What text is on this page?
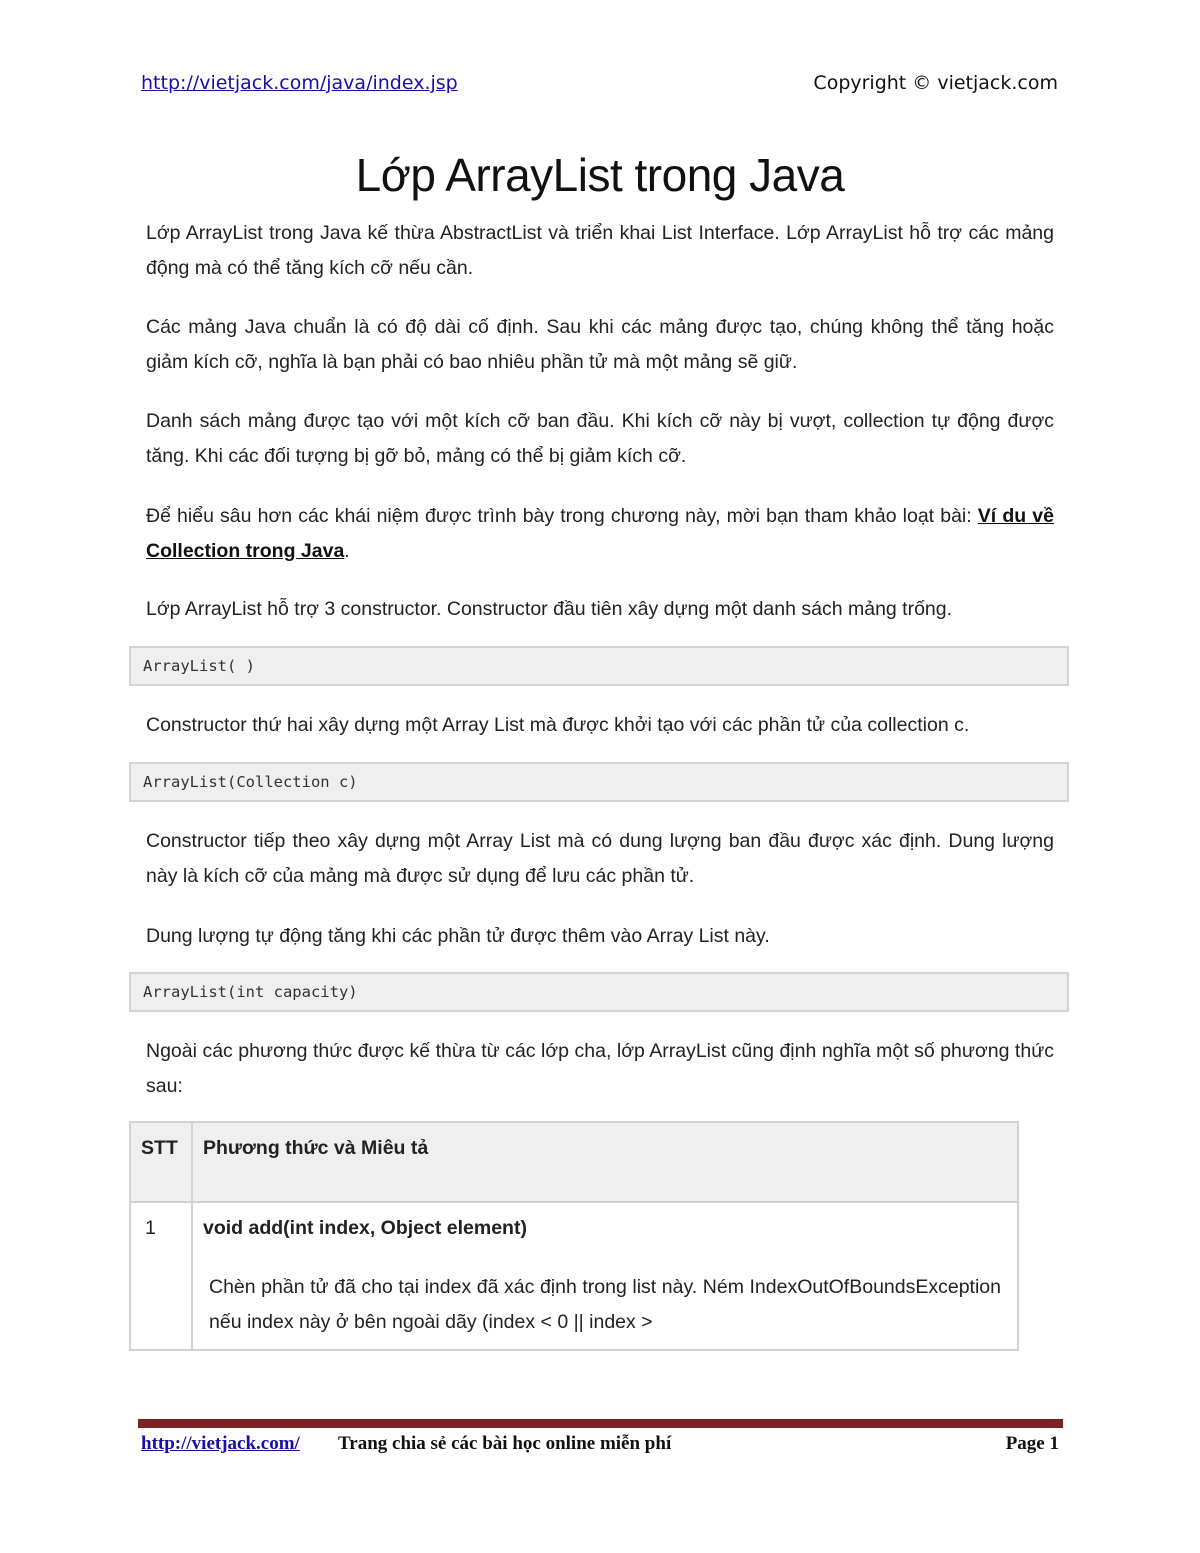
http://vietjack.com/java/index.jsp	Copyright © vietjack.com
Lớp ArrayList trong Java

Lớp ArrayList trong Java kế thừa AbstractList và triển khai List Interface. Lớp ArrayList hỗ trợ các mảng động mà có thể tăng kích cỡ nếu cần.

Các mảng Java chuẩn là có độ dài cố định. Sau khi các mảng được tạo, chúng không thể tăng hoặc giảm kích cỡ, nghĩa là bạn phải có bao nhiêu phần tử mà một mảng sẽ giữ.

Danh sách mảng được tạo với một kích cỡ ban đầu. Khi kích cỡ này bị vượt, collection tự động được tăng. Khi các đối tượng bị gỡ bỏ, mảng có thể bị giảm kích cỡ.

Để hiểu sâu hơn các khái niệm được trình bày trong chương này, mời bạn tham khảo loạt bài: Ví du về Collection trong Java.

Lớp ArrayList hỗ trợ 3 constructor. Constructor đầu tiên xây dựng một danh sách mảng trống.

ArrayList( )

Constructor thứ hai xây dựng một Array List mà được khởi tạo với các phần tử của collection c.

ArrayList(Collection c)

Constructor tiếp theo xây dựng một Array List mà có dung lượng ban đầu được xác định. Dung lượng này là kích cỡ của mảng mà được sử dụng để lưu các phần tử.

Dung lượng tự động tăng khi các phần tử được thêm vào Array List này.

ArrayList(int capacity)

Ngoài các phương thức được kế thừa từ các lớp cha, lớp ArrayList cũng định nghĩa một số phương thức sau:

STT	Phương thức và Miêu tả
1	void add(int index, Object element)

Chèn phần tử đã cho tại index đã xác định trong list này. Ném IndexOutOfBoundsException nếu index này ở bên ngoài dãy (index < 0 || index >

http://vietjack.com/ Trang chia sẻ các bài học online miễn phí	Page 1
